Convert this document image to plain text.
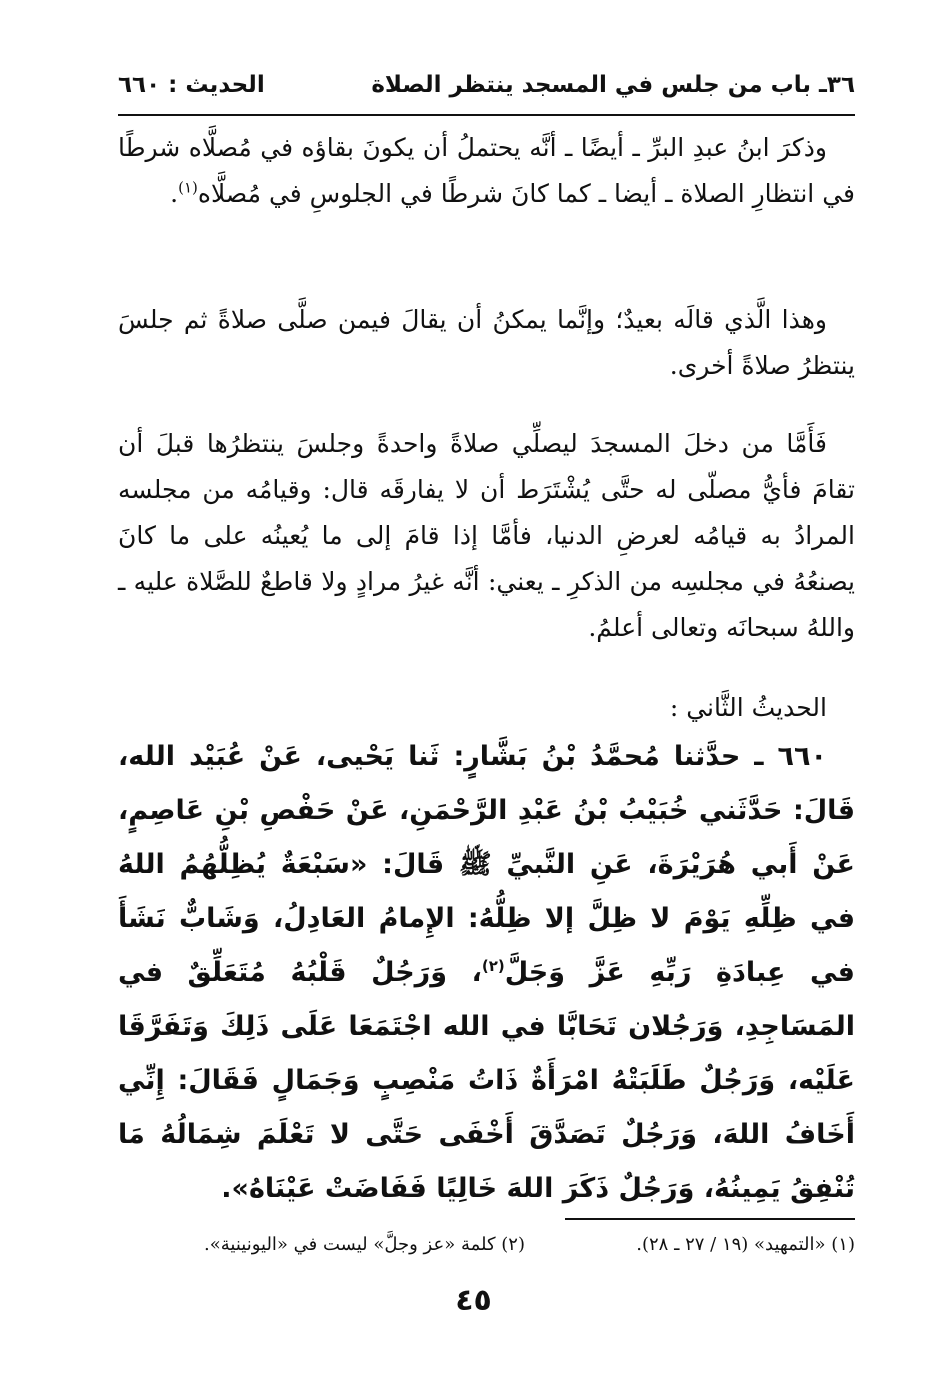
٣٦ـ باب من جلس في المسجد ينتظر الصلاة
الحديث : ٦٦٠

وذكرَ ابنُ عبدِ البرِّ ـ أيضًا ـ أنَّه يحتملُ أن يكونَ بقاؤه في مُصلَّاه شرطًا في انتظارِ الصلاة ـ أيضا ـ كما كانَ شرطًا في الجلوسِ في مُصلَّاه$^{(١)}$.

وهذا الَّذي قالَه بعيدٌ؛ وإنَّما يمكنُ أن يقالَ فيمن صلَّى صلاةً ثم جلسَ ينتظرُ صلاةً أخرى.

فَأَمَّا من دخلَ المسجدَ ليصلِّي صلاةً واحدةً وجلسَ ينتظرُها قبلَ أن تقامَ فأيُّ مصلّى له حتَّى يُشْتَرَط أن لا يفارقَه قال: وقيامُه من مجلسه المرادُ به قيامُه لعرضِ الدنيا، فأمَّا إذا قامَ إلى ما يُعينُه على ما كانَ يصنعُهُ في مجلسِه من الذكرِ ـ يعني: أنَّه غيرُ مرادٍ ولا قاطعٌ للصَّلاة عليه ـ واللهُ سبحانَه وتعالى أعلمُ.

الحديثُ الثَّاني :

٦٦٠ ـ حدَّثنا مُحمَّدُ بْنُ بَشَّارٍ: ثَنا يَحْيى، عَنْ عُبَيْد الله، قَالَ: حَدَّثَني خُبَيْبُ بْنُ عَبْدِ الرَّحْمَنِ، عَنْ حَفْصِ بْنِ عَاصِمٍ، عَنْ أَبي هُرَيْرَةَ، عَنِ النَّبيِّ ﷺ قَالَ: «سَبْعَةٌ يُظِلُّهُمُ اللهُ في ظِلِّهِ يَوْمَ لا ظِلَّ إلا ظِلُّهُ: الإِمامُ العَادِلُ، وَشَابٌّ نَشَأَ في عِبادَةِ رَبِّهِ عَزَّ وَجَلَّ$^{(٢)}$، وَرَجُلٌ قَلْبُهُ مُتَعَلِّقٌ في المَسَاجِدِ، وَرَجُلان تَحَابَّا في الله اجْتَمَعَا عَلَى ذَلِكَ وَتَفَرَّقَا عَلَيْه، وَرَجُلٌ طَلَبَتْهُ امْرَأَةٌ ذَاتُ مَنْصِبٍ وَجَمَالٍ فَقَالَ: إِنِّي أَخَافُ اللهَ، وَرَجُلٌ تَصَدَّقَ أَخْفَى حَتَّى لا تَعْلَمَ شِمَالُهُ مَا تُنْفِقُ يَمِينُهُ، وَرَجُلٌ ذَكَرَ اللهَ خَالِيًا فَفَاضَتْ عَيْنَاهُ».

(١) «التمهيد» (١٩ / ٢٧ ـ ٢٨).
(٢) كلمة «عز وجلَّ» ليست في «اليونينية».
٤٥
